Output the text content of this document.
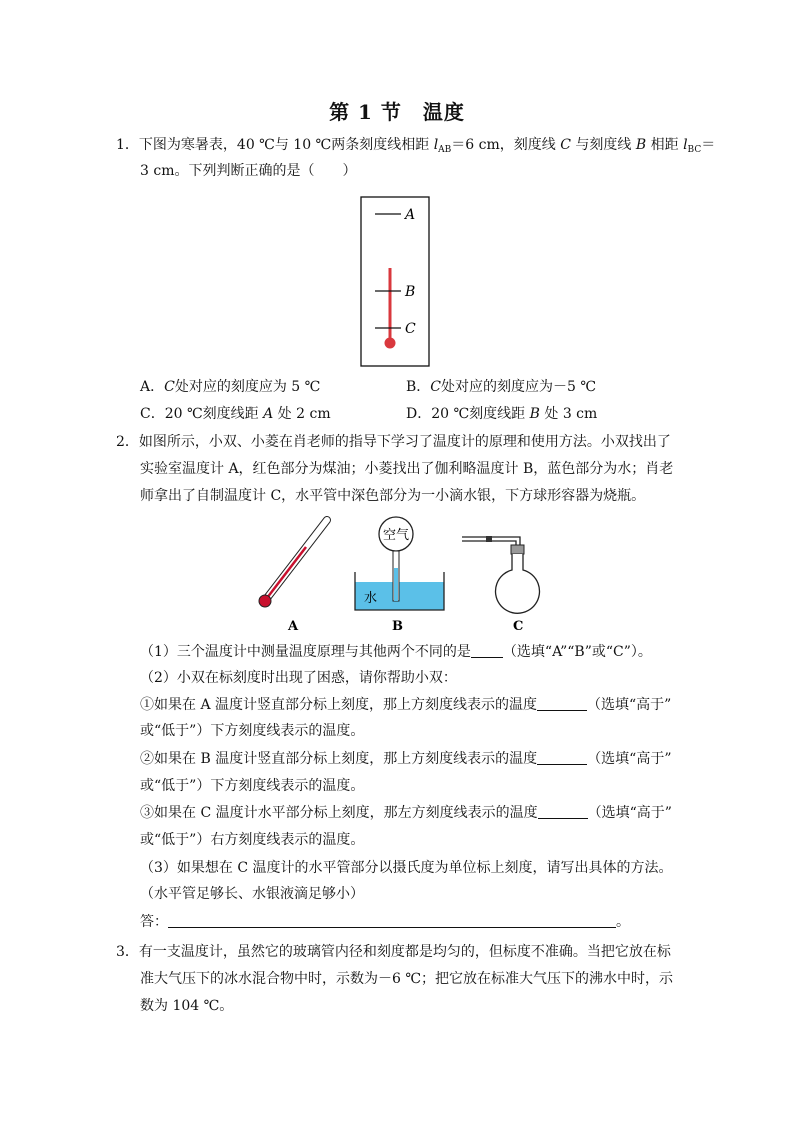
第 1 节　温度
1．下图为寒暑表，40 ℃与 10 ℃两条刻度线相距 $l_{AB}=6$ cm，刻度线 C 与刻度线 B 相距 $l_{BC}=$
3 cm。下列判断正确的是（　　）
A
B
C
A．C处对应的刻度应为 5 ℃	B．C处对应的刻度应为－5 ℃
C．20 ℃刻度线距 A 处 2 cm	D．20 ℃刻度线距 B 处 3 cm
2．如图所示，小双、小菱在肖老师的指导下学习了温度计的原理和使用方法。小双找出了
实验室温度计 A，红色部分为煤油；小菱找出了伽利略温度计 B，蓝色部分为水；肖老
师拿出了自制温度计 C，水平管中深色部分为一小滴水银，下方球形容器为烧瓶。
A
空气
水
B	C
（1）三个温度计中测量温度原理与其他两个不同的是 （选填“A”“B”或“C”）。
（2）小双在标刻度时出现了困惑，请你帮助小双：
①如果在 A 温度计竖直部分标上刻度，那上方刻度线表示的温度	（选填“高于”
或“低于”）下方刻度线表示的温度。
②如果在 B 温度计竖直部分标上刻度，那上方刻度线表示的温度	（选填“高于”
或“低于”）下方刻度线表示的温度。
③如果在 C 温度计水平部分标上刻度，那左方刻度线表示的温度	（选填“高于”
或“低于”）右方刻度线表示的温度。
（3）如果想在 C 温度计的水平管部分以摄氏度为单位标上刻度，请写出具体的方法。
（水平管足够长、水银液滴足够小）
答：	。
3．有一支温度计，虽然它的玻璃管内径和刻度都是均匀的，但标度不准确。当把它放在标
准大气压下的冰水混合物中时，示数为－6 ℃；把它放在标准大气压下的沸水中时，示
数为 104 ℃。
